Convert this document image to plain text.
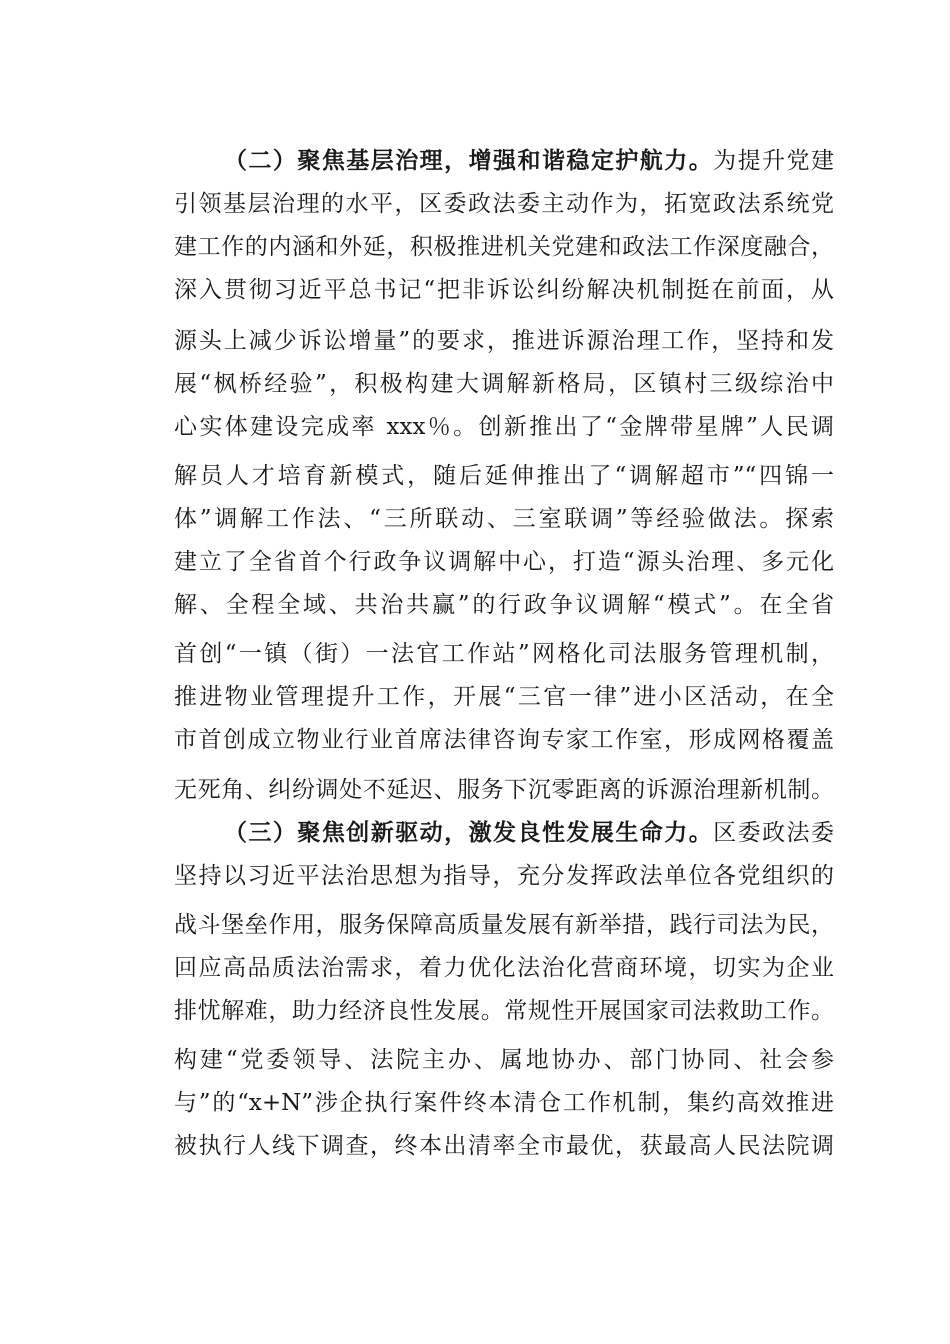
（二）聚焦基层治理，增强和谐稳定护航力。为提升党建
引领基层治理的水平，区委政法委主动作为，拓宽政法系统党
建工作的内涵和外延，积极推进机关党建和政法工作深度融合，
深入贯彻习近平总书记“把非诉讼纠纷解决机制挺在前面，从
源头上减少诉讼增量”的要求，推进诉源治理工作，坚持和发
展“枫桥经验”，积极构建大调解新格局，区镇村三级综治中
心实体建设完成率 xxx％。创新推出了“金牌带星牌”人民调
解员人才培育新模式，随后延伸推出了“调解超市”“四锦一
体”调解工作法、“三所联动、三室联调”等经验做法。探索
建立了全省首个行政争议调解中心，打造“源头治理、多元化
解、全程全域、共治共赢”的行政争议调解“模式”。在全省
首创“一镇（街）一法官工作站”网格化司法服务管理机制，
推进物业管理提升工作，开展“三官一律”进小区活动，在全
市首创成立物业行业首席法律咨询专家工作室，形成网格覆盖
无死角、纠纷调处不延迟、服务下沉零距离的诉源治理新机制。
（三）聚焦创新驱动，激发良性发展生命力。区委政法委
坚持以习近平法治思想为指导，充分发挥政法单位各党组织的
战斗堡垒作用，服务保障高质量发展有新举措，践行司法为民，
回应高品质法治需求，着力优化法治化营商环境，切实为企业
排忧解难，助力经济良性发展。常规性开展国家司法救助工作。
构建“党委领导、法院主办、属地协办、部门协同、社会参
与”的“x+N”涉企执行案件终本清仓工作机制，集约高效推进
被执行人线下调查，终本出清率全市最优，获最高人民法院调
